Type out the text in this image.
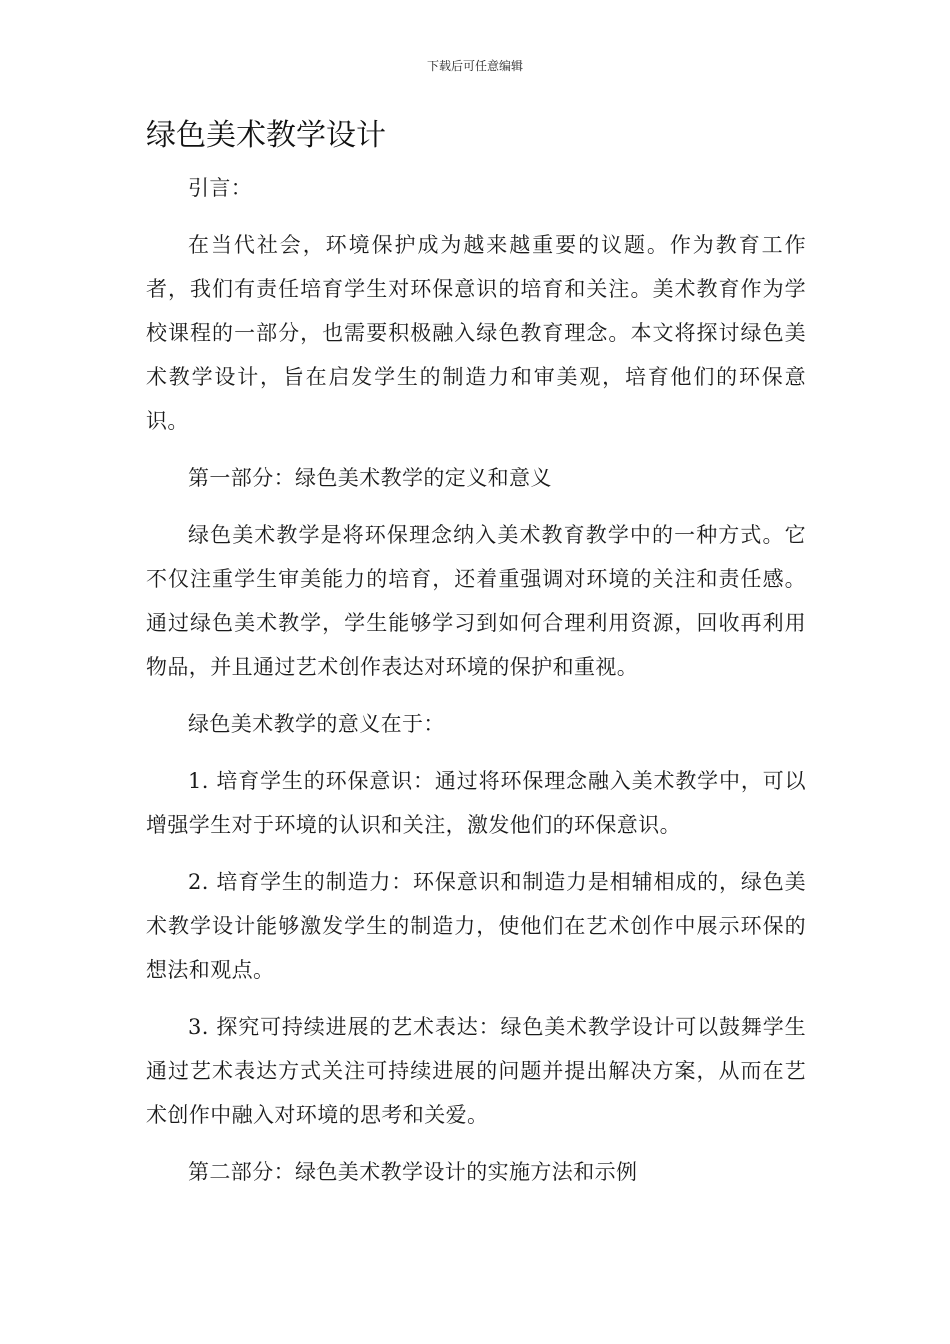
下载后可任意编辑
绿色美术教学设计

引言：

在当代社会，环境保护成为越来越重要的议题。作为教育工作者，我们有责任培育学生对环保意识的培育和关注。美术教育作为学校课程的一部分，也需要积极融入绿色教育理念。本文将探讨绿色美术教学设计，旨在启发学生的制造力和审美观，培育他们的环保意识。

第一部分：绿色美术教学的定义和意义

绿色美术教学是将环保理念纳入美术教育教学中的一种方式。它不仅注重学生审美能力的培育，还着重强调对环境的关注和责任感。通过绿色美术教学，学生能够学习到如何合理利用资源，回收再利用物品，并且通过艺术创作表达对环境的保护和重视。

绿色美术教学的意义在于：

1. 培育学生的环保意识：通过将环保理念融入美术教学中，可以增强学生对于环境的认识和关注，激发他们的环保意识。

2. 培育学生的制造力：环保意识和制造力是相辅相成的，绿色美术教学设计能够激发学生的制造力，使他们在艺术创作中展示环保的想法和观点。

3. 探究可持续进展的艺术表达：绿色美术教学设计可以鼓舞学生通过艺术表达方式关注可持续进展的问题并提出解决方案，从而在艺术创作中融入对环境的思考和关爱。

第二部分：绿色美术教学设计的实施方法和示例
